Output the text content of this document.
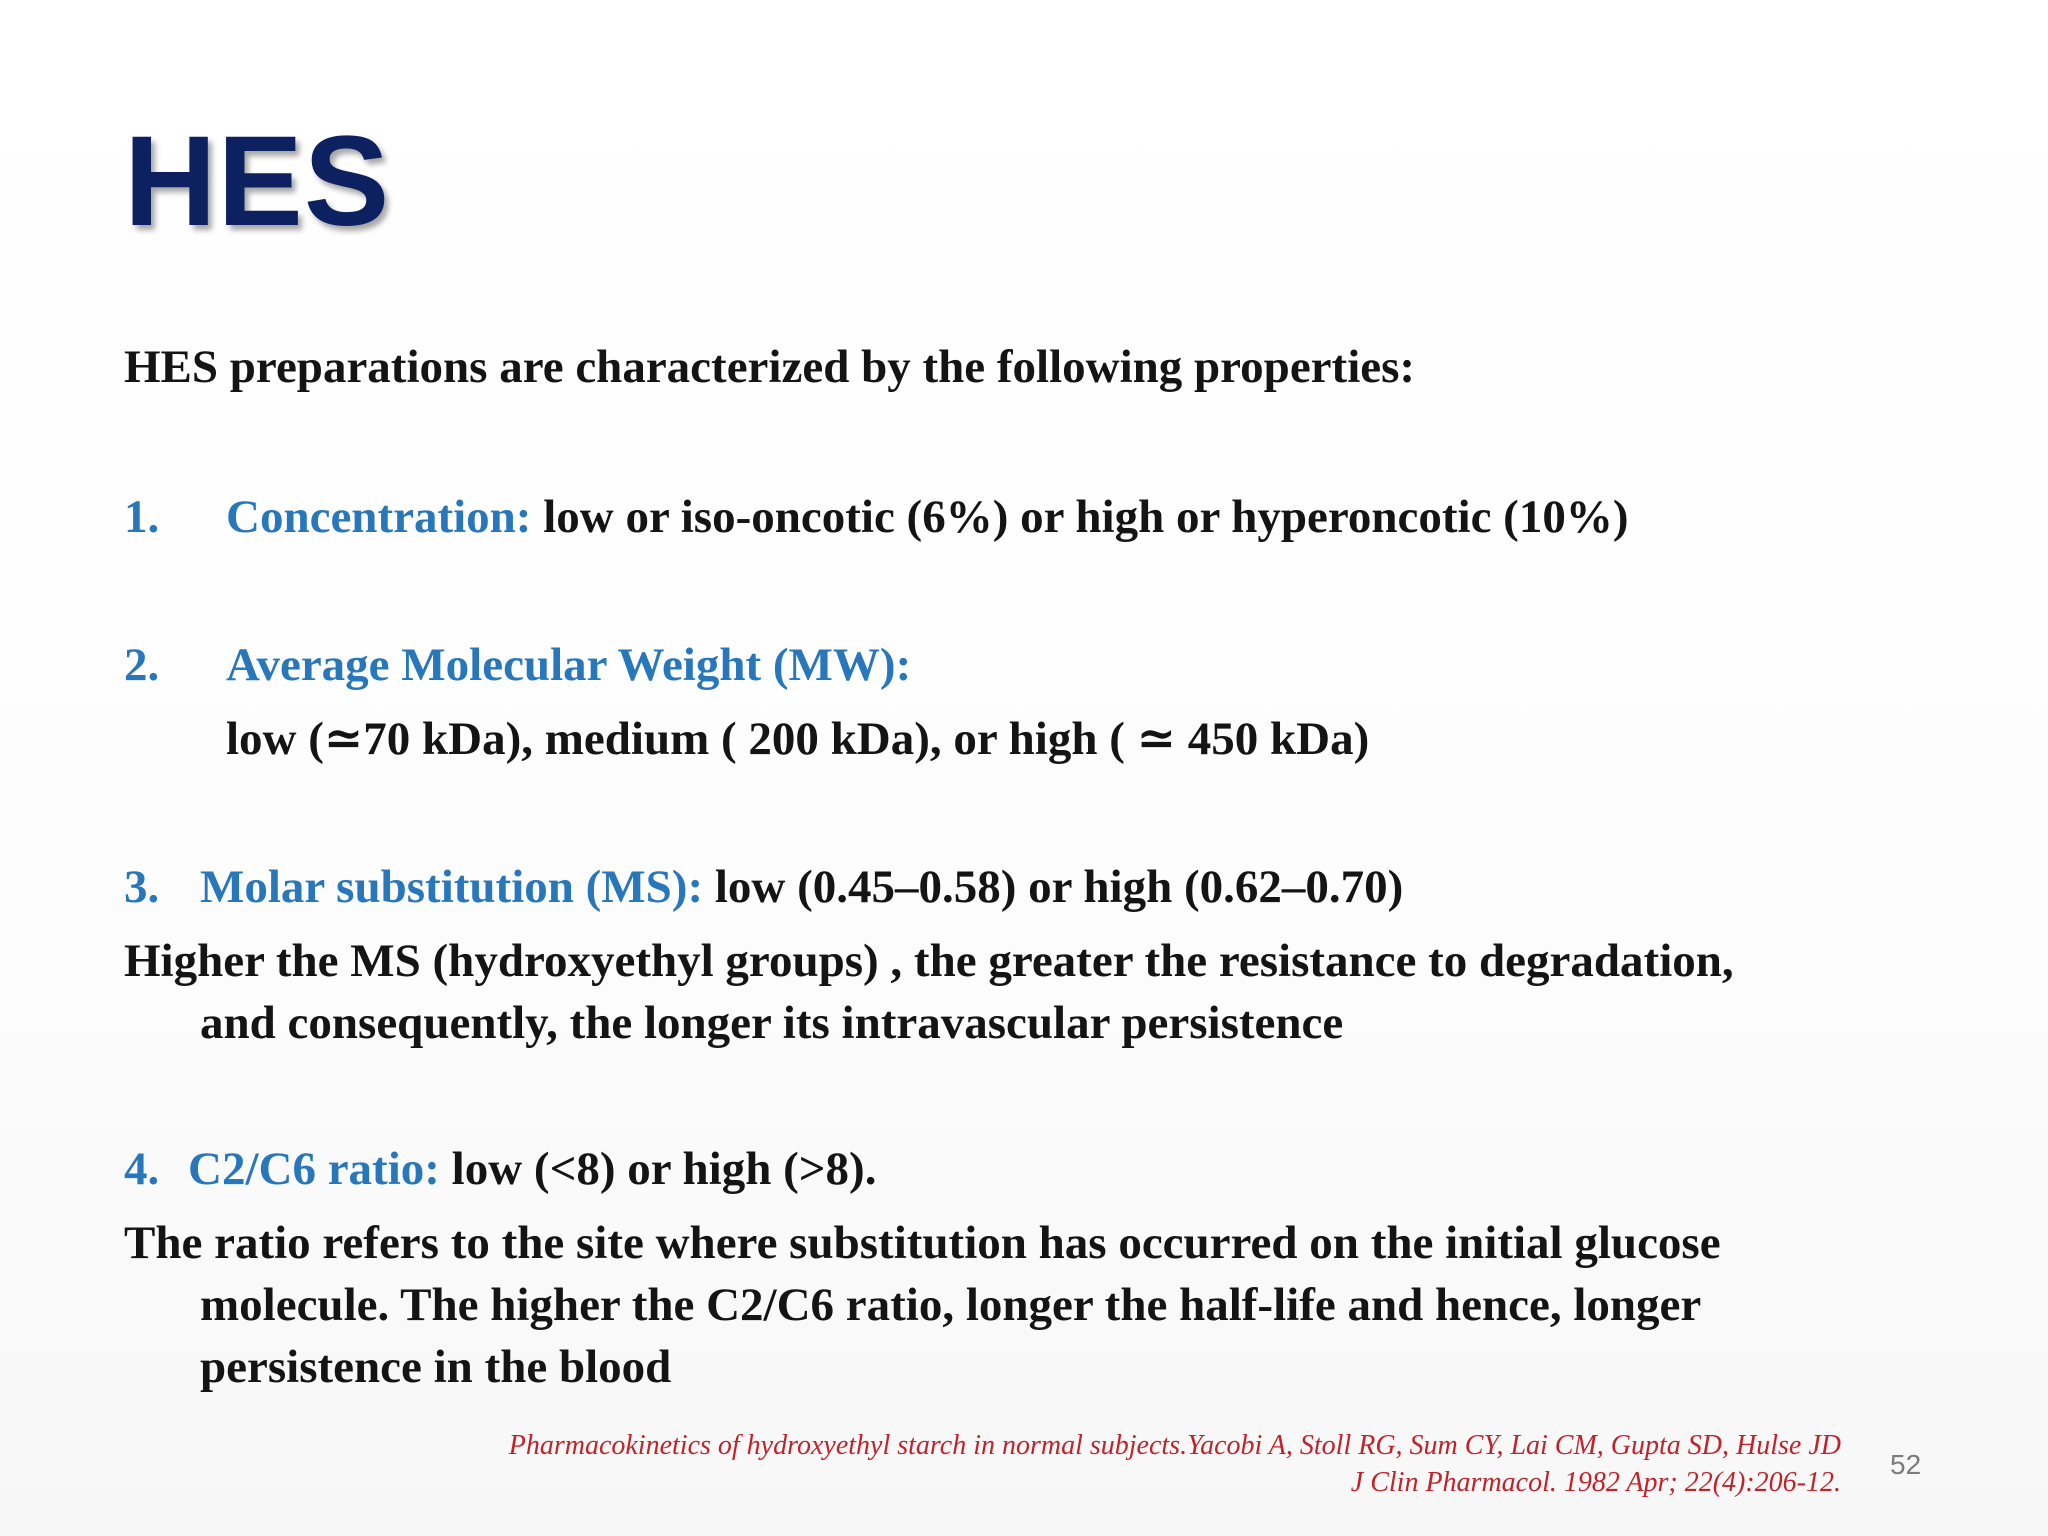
HES
HES preparations are characterized by the following properties:
1. Concentration: low or iso-oncotic (6%) or high or hyperoncotic (10%)
2. Average Molecular Weight (MW):
low (≃70 kDa), medium ( 200 kDa), or high ( ≃ 450 kDa)
3. Molar substitution (MS): low (0.45–0.58) or high (0.62–0.70)
Higher the MS (hydroxyethyl groups) , the greater the resistance to degradation,
and consequently, the longer its intravascular persistence
4. C2/C6 ratio: low (<8) or high (>8).
The ratio refers to the site where substitution has occurred on the initial glucose
molecule. The higher the C2/C6 ratio, longer the half-life and hence, longer
persistence in the blood
Pharmacokinetics of hydroxyethyl starch in normal subjects.Yacobi A, Stoll RG, Sum CY, Lai CM, Gupta SD, Hulse JD
J Clin Pharmacol. 1982 Apr; 22(4):206-12.
52
